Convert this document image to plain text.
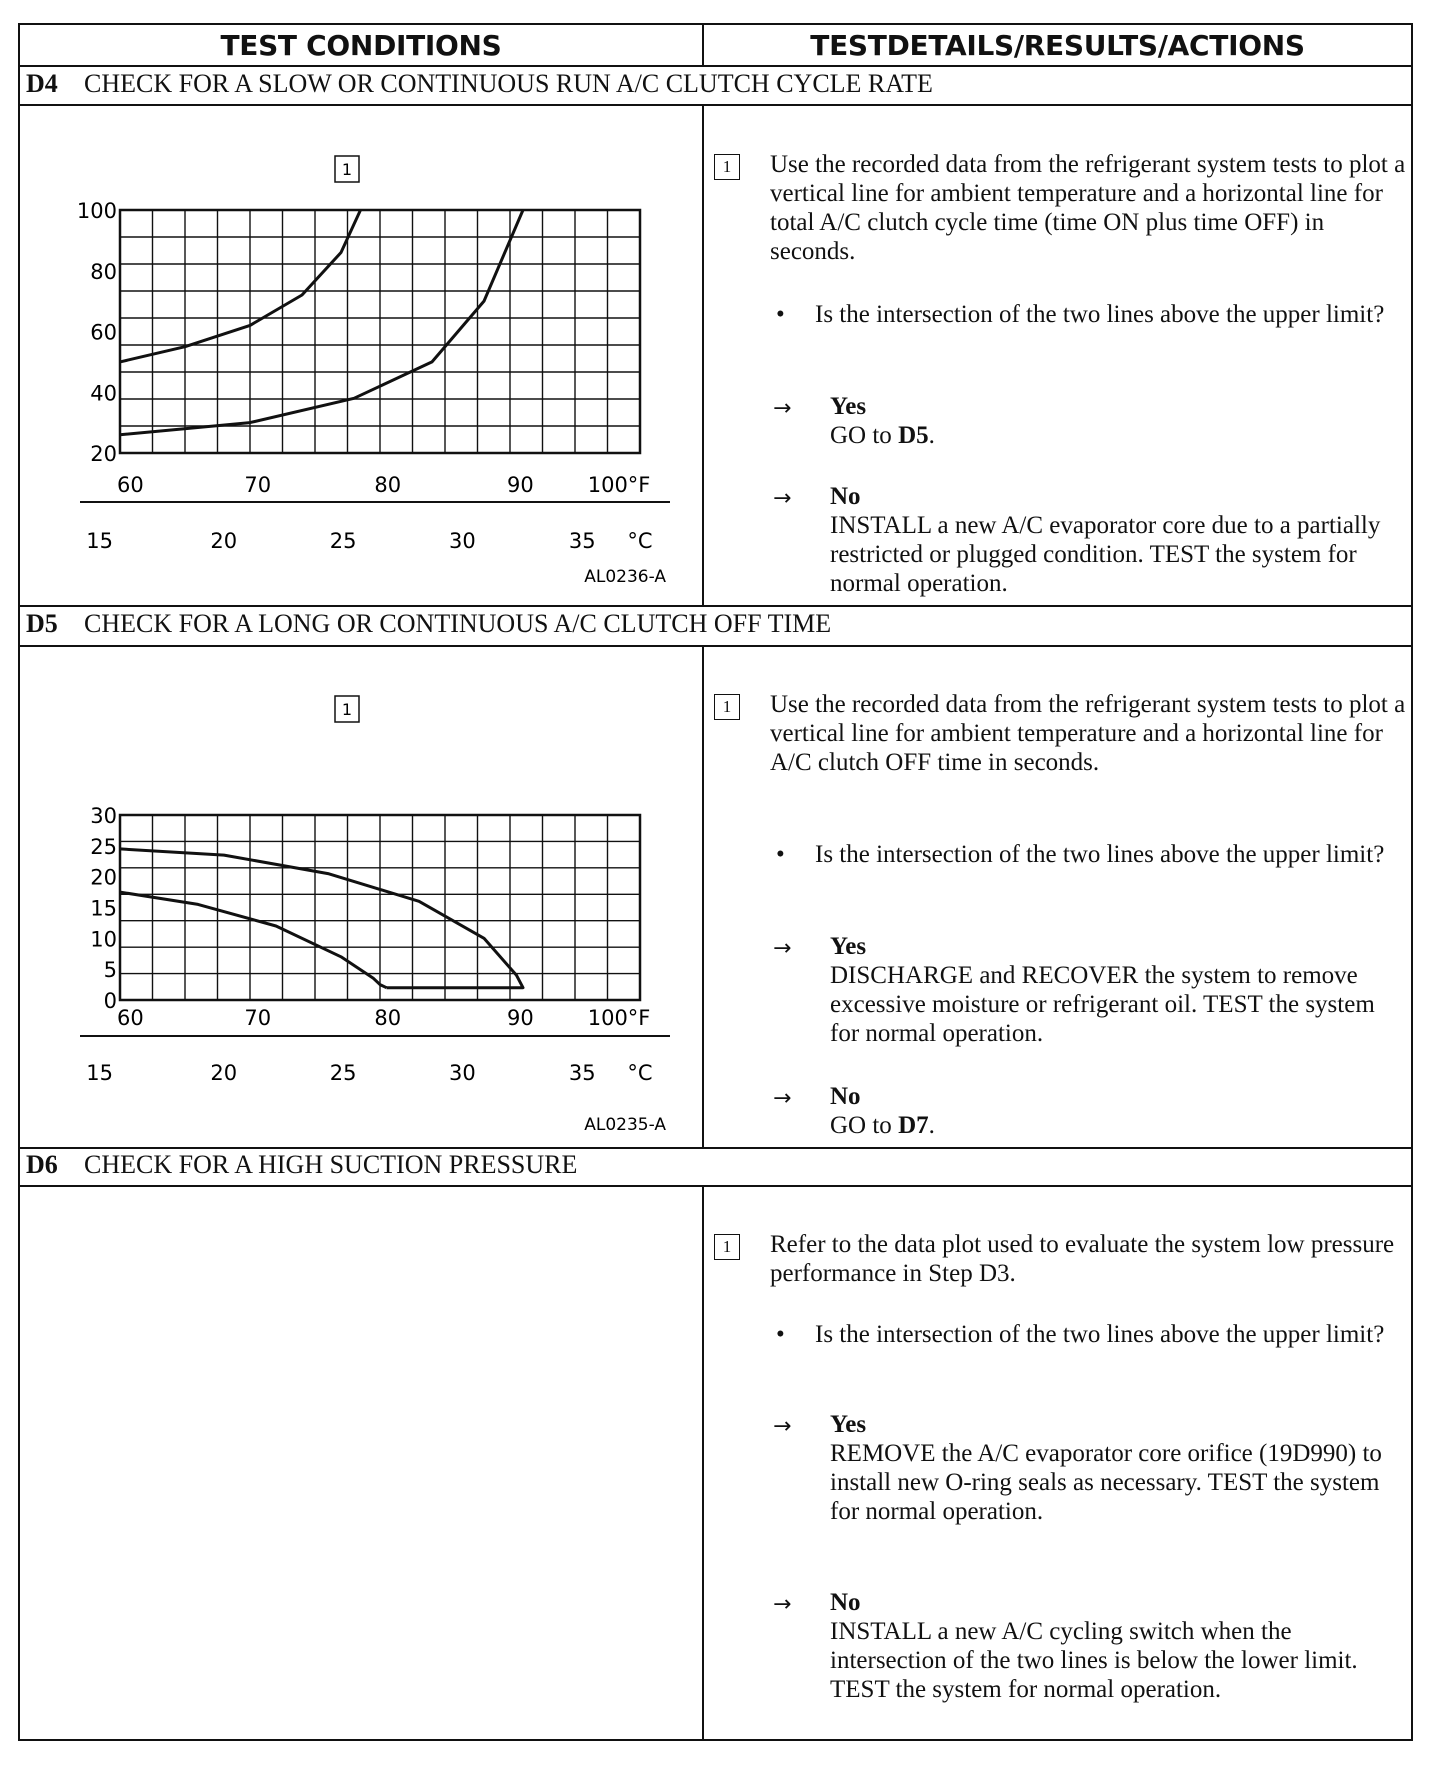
TEST CONDITIONS	TESTDETAILS/RESULTS/ACTIONS
D4 CHECK FOR A SLOW OR CONTINUOUS RUN A/C CLUTCH CYCLE RATE
1
100
80
60
40
20
60	70	80	90	100°F
15	20	25	30	35 °C
AL0236-A
1	Use the recorded data from the refrigerant system tests to plot a vertical line for ambient temperature and a horizontal line for total A/C clutch cycle time (time ON plus time OFF) in seconds.
• Is the intersection of the two lines above the upper limit?
→ Yes
GO to D5.
→ No
INSTALL a new A/C evaporator core due to a partially restricted or plugged condition. TEST the system for normal operation.
D5 CHECK FOR A LONG OR CONTINUOUS A/C CLUTCH OFF TIME
1
30
25
20
15
10
5
0
60	70	80	90	100°F
15	20	25	30	35 °C
AL0235-A
1	Use the recorded data from the refrigerant system tests to plot a vertical line for ambient temperature and a horizontal line for A/C clutch OFF time in seconds.
• Is the intersection of the two lines above the upper limit?
→ Yes
DISCHARGE and RECOVER the system to remove excessive moisture or refrigerant oil. TEST the system for normal operation.
→ No
GO to D7.
D6 CHECK FOR A HIGH SUCTION PRESSURE
1	Refer to the data plot used to evaluate the system low pressure performance in Step D3.
• Is the intersection of the two lines above the upper limit?
→ Yes
REMOVE the A/C evaporator core orifice (19D990) to install new O-ring seals as necessary. TEST the system for normal operation.
→ No
INSTALL a new A/C cycling switch when the intersection of the two lines is below the lower limit. TEST the system for normal operation.
